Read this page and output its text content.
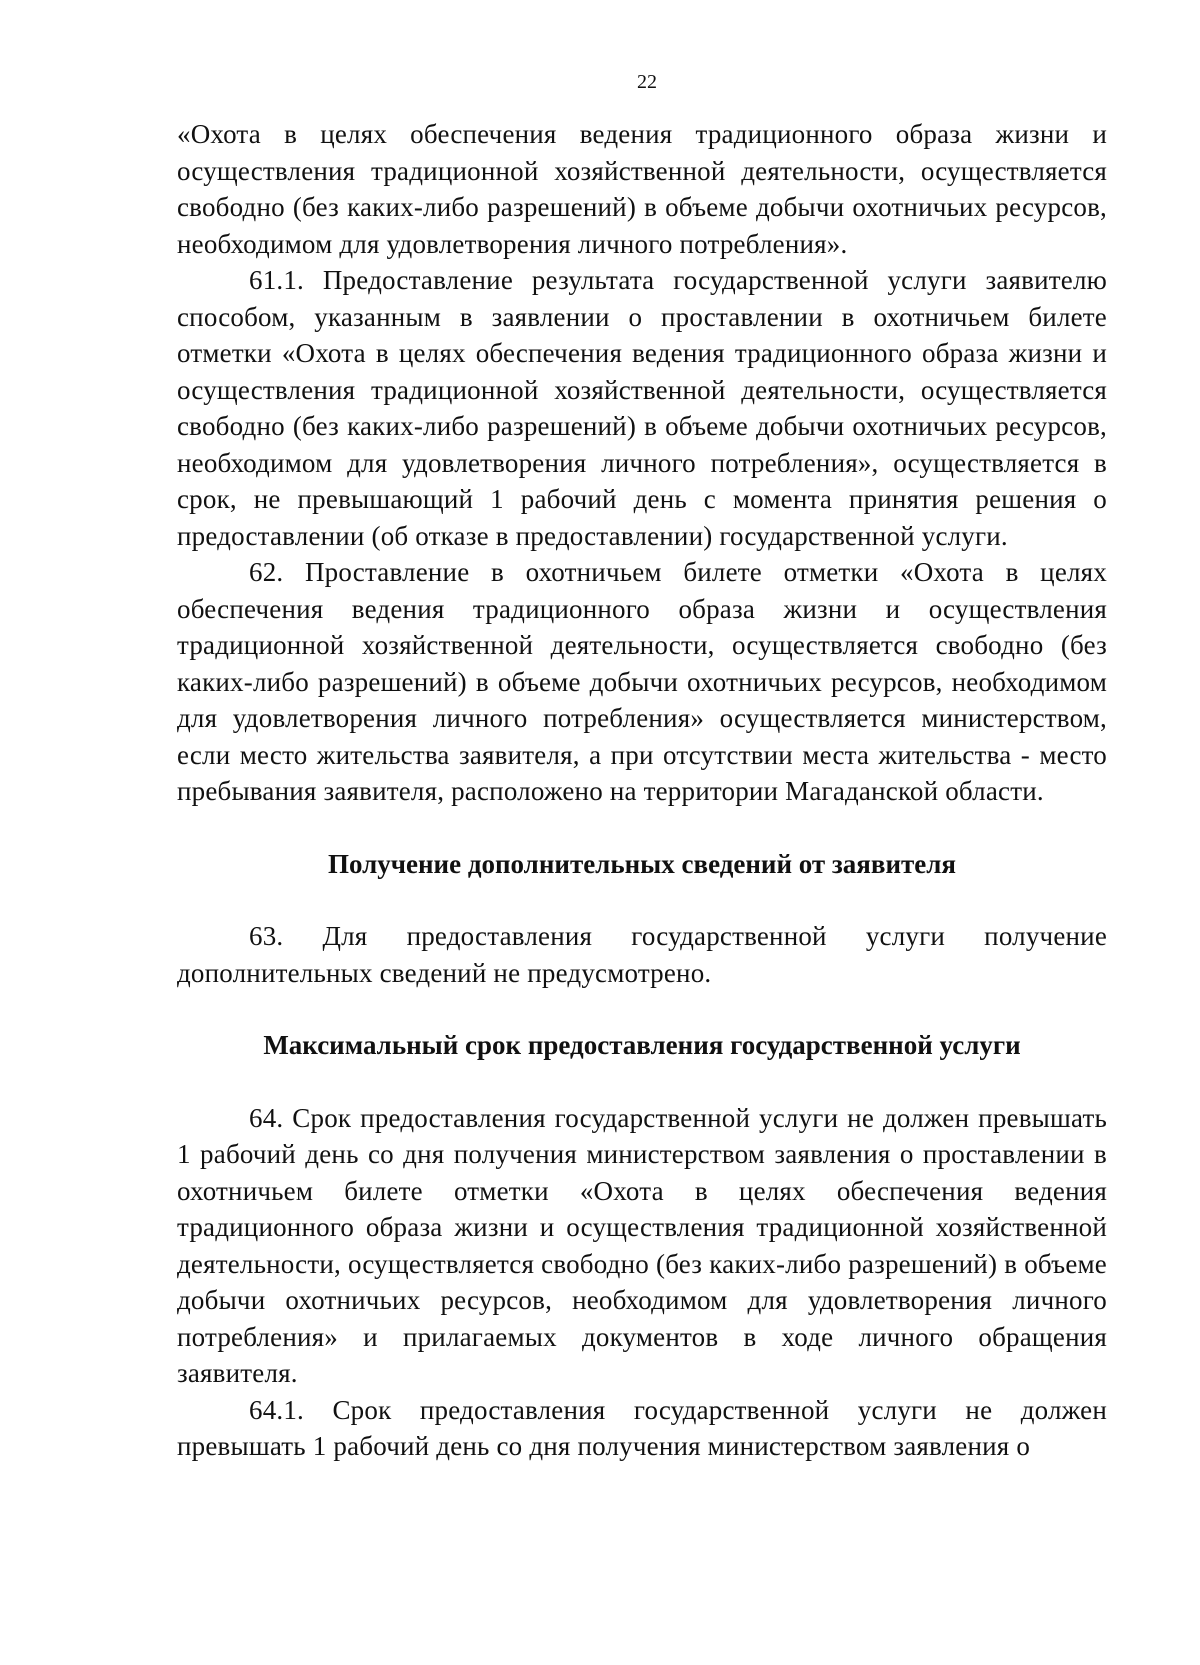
22

«Охота в целях обеспечения ведения традиционного образа жизни и осуществления традиционной хозяйственной деятельности, осуществляется свободно (без каких-либо разрешений) в объеме добычи охотничьих ресурсов, необходимом для удовлетворения личного потребления».

61.1. Предоставление результата государственной услуги заявителю способом, указанным в заявлении о проставлении в охотничьем билете отметки «Охота в целях обеспечения ведения традиционного образа жизни и осуществления традиционной хозяйственной деятельности, осуществляется свободно (без каких-либо разрешений) в объеме добычи охотничьих ресурсов, необходимом для удовлетворения личного потребления», осуществляется в срок, не превышающий 1 рабочий день с момента принятия решения о предоставлении (об отказе в предоставлении) государственной услуги.

62. Проставление в охотничьем билете отметки «Охота в целях обеспечения ведения традиционного образа жизни и осуществления традиционной хозяйственной деятельности, осуществляется свободно (без каких-либо разрешений) в объеме добычи охотничьих ресурсов, необходимом для удовлетворения личного потребления» осуществляется министерством, если место жительства заявителя, а при отсутствии места жительства - место пребывания заявителя, расположено на территории Магаданской области.

Получение дополнительных сведений от заявителя

63. Для предоставления государственной услуги получение дополнительных сведений не предусмотрено.

Максимальный срок предоставления государственной услуги

64. Срок предоставления государственной услуги не должен превышать 1 рабочий день со дня получения министерством заявления о проставлении в охотничьем билете отметки «Охота в целях обеспечения ведения традиционного образа жизни и осуществления традиционной хозяйственной деятельности, осуществляется свободно (без каких-либо разрешений) в объеме добычи охотничьих ресурсов, необходимом для удовлетворения личного потребления» и прилагаемых документов в ходе личного обращения заявителя.

64.1. Срок предоставления государственной услуги не должен превышать 1 рабочий день со дня получения министерством заявления о
